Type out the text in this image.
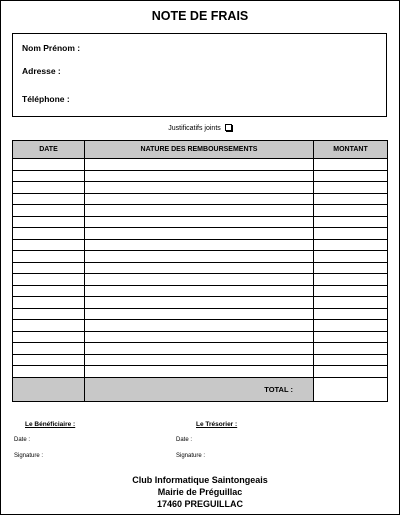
NOTE DE FRAIS
Nom Prénom :
Adresse :
Téléphone :
Justificatifs joints
DATE	NATURE DES REMBOURSEMENTS	MONTANT

	TOTAL :	
Le Bénéficiaire :
Date :
Signature :
Le Trésorier :
Date :
Signature :
Club Informatique Saintongeais
Mairie de Préguillac
17460 PREGUILLAC
